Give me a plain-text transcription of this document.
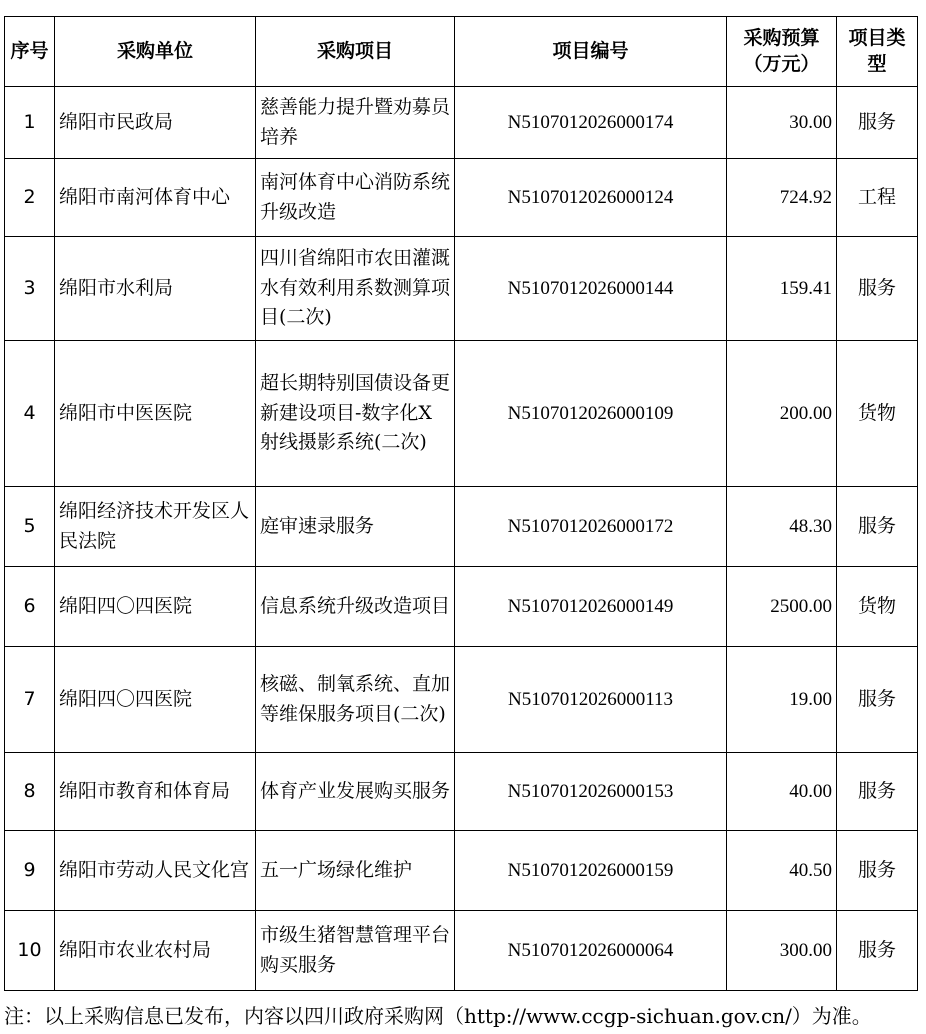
序号	采购单位	采购项目	项目编号	采购预算（万元）	项目类型
1	绵阳市民政局	慈善能力提升暨劝募员培养	N5107012026000174	30.00	服务
2	绵阳市南河体育中心	南河体育中心消防系统升级改造	N5107012026000124	724.92	工程
3	绵阳市水利局	四川省绵阳市农田灌溉水有效利用系数测算项目(二次)	N5107012026000144	159.41	服务
4	绵阳市中医医院	超长期特别国债设备更新建设项目-数字化X射线摄影系统(二次)	N5107012026000109	200.00	货物
5	绵阳经济技术开发区人民法院	庭审速录服务	N5107012026000172	48.30	服务
6	绵阳四〇四医院	信息系统升级改造项目	N5107012026000149	2500.00	货物
7	绵阳四〇四医院	核磁、制氧系统、直加等维保服务项目(二次)	N5107012026000113	19.00	服务
8	绵阳市教育和体育局	体育产业发展购买服务	N5107012026000153	40.00	服务
9	绵阳市劳动人民文化宫	五一广场绿化维护	N5107012026000159	40.50	服务
10	绵阳市农业农村局	市级生猪智慧管理平台购买服务	N5107012026000064	300.00	服务
注：以上采购信息已发布，内容以四川政府采购网（http://www.ccgp-sichuan.gov.cn/）为准。
